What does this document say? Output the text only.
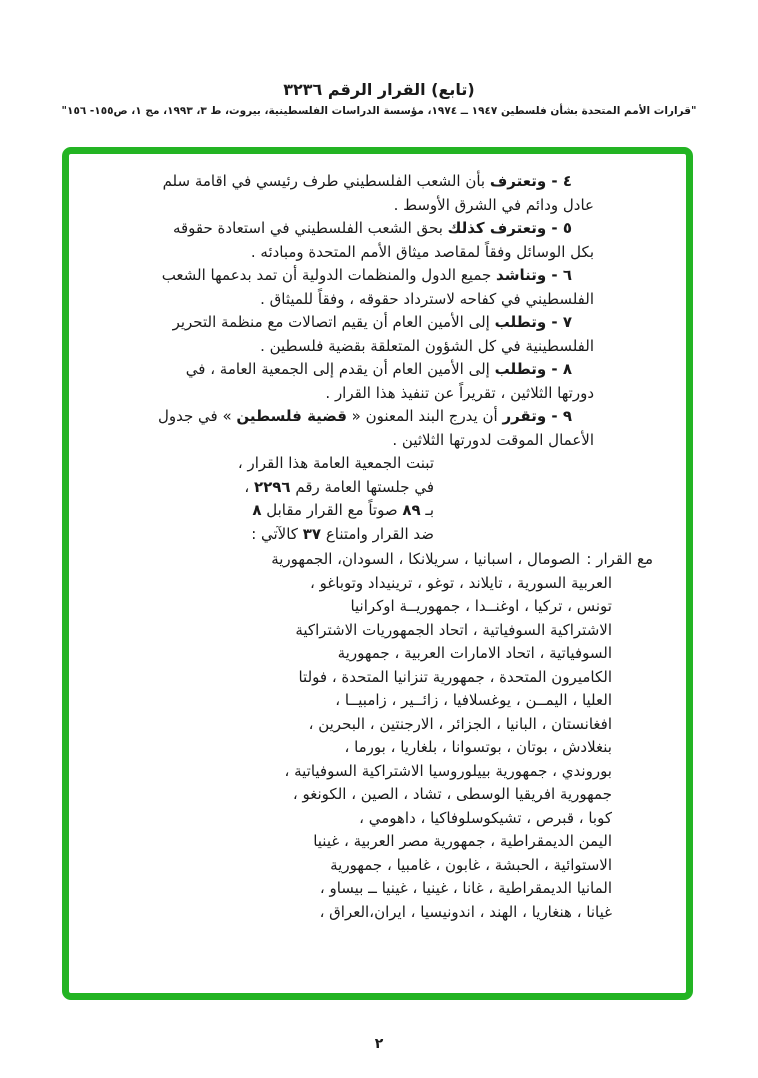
(تابع) القرار الرقم ٣٢٣٦
"قرارات الأمم المتحدة بشأن فلسطين ١٩٤٧ ــ ١٩٧٤، مؤسسة الدراسات الفلسطينية، بيروت، ط ٣، ١٩٩٣، مج ١، ص١٥٥- ١٥٦"
٤ - وتعترف بأن الشعب الفلسطيني طرف رئيسي في اقامة سلم
عادل ودائم في الشرق الأوسط .
٥ - وتعترف كذلك بحق الشعب الفلسطيني في استعادة حقوقه
بكل الوسائل وفقاً لمقاصد ميثاق الأمم المتحدة ومبادئه .
٦ - وتناشد جميع الدول والمنظمات الدولية أن تمد بدعمها الشعب
الفلسطيني في كفاحه لاسترداد حقوقه ، وفقاً للميثاق .
٧ - وتطلب إلى الأمين العام أن يقيم اتصالات مع منظمة التحرير
الفلسطينية في كل الشؤون المتعلقة بقضية فلسطين .
٨ - وتطلب إلى الأمين العام أن يقدم إلى الجمعية العامة ، في
دورتها الثلاثين ، تقريراً عن تنفيذ هذا القرار .
٩ - وتقرر أن يدرج البند المعنون « قضية فلسطين » في جدول
الأعمال الموقت لدورتها الثلاثين .
تبنت الجمعية العامة هذا القرار ،
في جلستها العامة رقم ٢٢٩٦ ،
بـ ٨٩ صوتاً مع القرار مقابل ٨
ضد القرار وامتناع ٣٧ كالآتي :
مع القرار :
الصومال ، اسبانيا ، سريلانكا ، السودان، الجمهورية
العربية السورية ، تايلاند ، توغو ، ترينيداد وتوباغو ،
تونس ، تركيا ، اوغنــدا ، جمهوريــة اوكرانيا
الاشتراكية السوفياتية ، اتحاد الجمهوريات الاشتراكية
السوفياتية ، اتحاد الامارات العربية ، جمهورية
الكاميرون المتحدة ، جمهورية تنزانيا المتحدة ، فولتا
العليا ، اليمــن ، يوغسلافيا ، زائــير ، زامبيــا ،
افغانستان ، البانيا ، الجزائر ، الارجنتين ، البحرين ،
بنغلادش ، بوتان ، بوتسوانا ، بلغاريا ، بورما ،
بوروندي ، جمهورية بييلوروسيا الاشتراكية السوفياتية ،
جمهورية افريقيا الوسطى ، تشاد ، الصين ، الكونغو ،
كوبا ، قبرص ، تشيكوسلوفاكيا ، داهومي ،
اليمن الديمقراطية ، جمهورية مصر العربية ، غينيا
الاستوائية ، الحبشة ، غابون ، غامبيا ، جمهورية
المانيا الديمقراطية ، غانا ، غينيا ، غينيا ــ بيساو ،
غيانا ، هنغاريا ، الهند ، اندونيسيا ، ايران،العراق ،
٢
